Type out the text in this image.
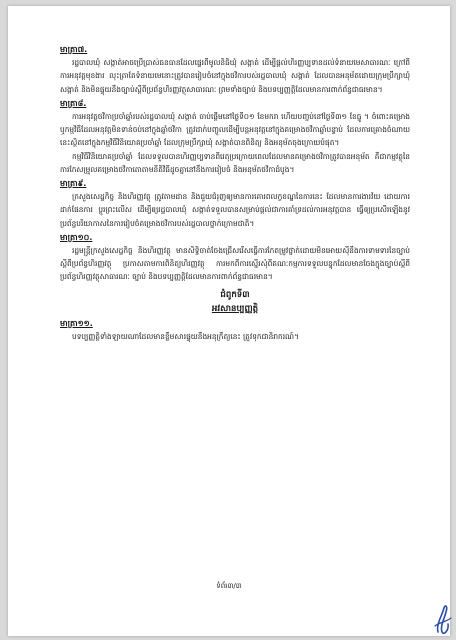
មាត្រា៧.
រដ្ឋបាលឃុំ សង្កាត់អាចប្រើប្រាស់ធនធានដែលផ្ទេរពីមូលនិធិឃុំ សង្កាត់ ដើម្បីផ្ដល់ហិរញ្ញប្បទានដល់ទំនាយមេសាធារណៈ ក្រៅពីការអនុវត្តមុខងារ លុះត្រាតែទំនាយមេនោះត្រូវបានរៀបចំនៅក្នុងថវិការបស់រដ្ឋបាលឃុំ សង្កាត់ ដែលបានអនុម័តដោយក្រុមប្រឹក្សាឃុំ សង្កាត់ និងមិនផ្ទុយនឹងច្បាប់ស្ដីពីប្រព័ន្ធហិរញ្ញវត្ថុសាធារណៈ ព្រមទាំងច្បាប់ និងបទប្បញ្ញត្តិដែលមានការពាក់ព័ន្ធជាធរមាន។
មាត្រា៨.
ការអនុវត្តថវិកាប្រចាំឆ្នាំរបស់រដ្ឋបាលឃុំ សង្កាត់ ចាប់ផ្ដើមនៅថ្ងៃទី០១ ខែមករា ហើយបញ្ចប់នៅថ្ងៃទី៣១ ខែធ្នូ ។ ចំពោះគម្រោង ឬកម្មវិធីដែលអនុវត្តមិនទាន់ចប់នៅក្នុងឆ្នាំថវិកា ត្រូវដាក់បញ្ចូលដើម្បីបន្តអនុវត្តនៅក្នុងគម្រោងថវិកាឆ្នាំបន្ទាប់ ដែលការគ្រោងចំណាយនេះស្ថិតនៅក្នុងកម្មវិធីវិនិយោគប្រចាំឆ្នាំ ដែលក្រុមប្រឹក្សាឃុំ សង្កាត់បានពិនិត្យ និងអនុម័តចុងក្រោយបំផុត។
កម្មវិធីវិនិយោគប្រចាំឆ្នាំ ដែលទទួលបានហិរញ្ញប្បទានពីរេតុប្រក្រោយពេលដែលមានគម្រោងថវិកាត្រូវបានអនុម័ត គឺជាកម្មវត្ថុនៃការកែសម្រួលគម្រោងថវិកាតោតាមនីតិវិធីដូចគ្នានៅនឹងការរៀបចំ និងអនុម័តថវិកាដំបូង។
មាត្រា៩.
ក្រសួងសេដ្ឋកិច្ច និងហិរញ្ញវត្ថុ ត្រូវតាមដាន និងជួយជំរុញឲ្យមានការគោរពលក្ខខណ្ឌនៃការនេះ ដែលមានការងារវ័យ ដោយការដាក់ផែនការ ប្ដូរព្រះលើស ដើម្បីឲ្យរដ្ឋបាលឃុំ សង្កាត់ទទួលបានសម្រាប់ផ្តល់ជាការគាំទ្រដល់ការអនុវត្តបាន ធ្វើឲ្យប្រសើរឡើងនូវប្រព័ន្ធបរិយាកាសនៃការរៀបចំគម្រោងថវិការបស់រដ្ឋបាលថ្នាក់ក្រោមជាតិ។
មាត្រា១០.
រដ្ឋមន្ត្រីក្រសួងសេដ្ឋកិច្ច និងហិរញ្ញវត្ថុ មានសិទ្ធិចាត់ចែងជ្រើសរើសធ្វើការកែតម្រូវថ្នាក់ដោយមិនអោយស៊ីនឹងការទាមទារនៃច្បាប់ស្ដីពីប្រព័ន្ធហិរញ្ញវត្ថុ ប្រកាសតាមការពិនិត្យហិរញ្ញវត្ថុ ការមកពីការស្នើរសុំពីគណៈកម្មការទទួលបន្ទុកដែលមានចែងក្នុងច្បាប់ស្ដីពីប្រព័ន្ធហិរញ្ញវត្ថុសាធារណៈ ច្បាប់ និងបទប្បញ្ញត្តិដែលមានការពាក់ព័ន្ធជាធរមាន។
ជំពូកទី៣
អវសានប្បញ្ញត្តិ
មាត្រា១១.
បទប្បញ្ញត្តិទាំងឡាយណាដែលមានខ្លឹមសារផ្ទុយនឹងអនុក្រឹត្យនេះ ត្រូវទុកជានិរាករណ៍។
ទំព័រ៣/៣
